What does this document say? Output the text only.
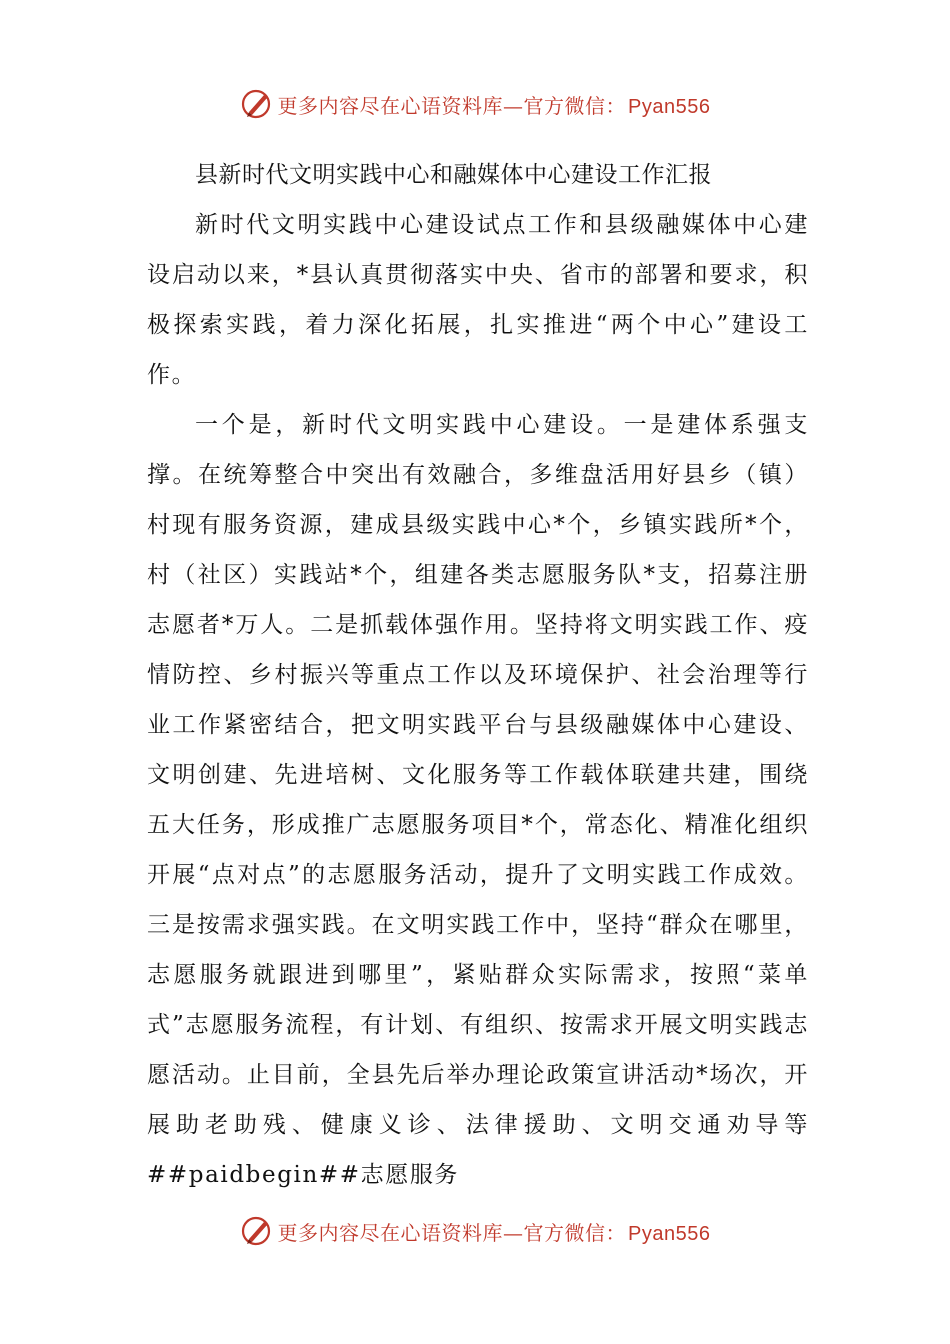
更多内容尽在心语资料库—官方微信： Pyan556
县新时代文明实践中心和融媒体中心建设工作汇报

新时代文明实践中心建设试点工作和县级融媒体中心建设启动以来，*县认真贯彻落实中央、省市的部署和要求，积极探索实践，着力深化拓展，扎实推进“两个中心”建设工作。

一个是，新时代文明实践中心建设。一是建体系强支撑。在统筹整合中突出有效融合，多维盘活用好县乡（镇）村现有服务资源，建成县级实践中心*个，乡镇实践所*个，村（社区）实践站*个，组建各类志愿服务队*支，招募注册志愿者*万人。二是抓载体强作用。坚持将文明实践工作、疫情防控、乡村振兴等重点工作以及环境保护、社会治理等行业工作紧密结合，把文明实践平台与县级融媒体中心建设、文明创建、先进培树、文化服务等工作载体联建共建，围绕五大任务，形成推广志愿服务项目*个，常态化、精准化组织开展“点对点”的志愿服务活动，提升了文明实践工作成效。三是按需求强实践。在文明实践工作中，坚持“群众在哪里，志愿服务就跟进到哪里”，紧贴群众实际需求，按照“菜单式”志愿服务流程，有计划、有组织、按需求开展文明实践志愿活动。止目前，全县先后举办理论政策宣讲活动*场次，开展助老助残、健康义诊、法律援助、文明交通劝导等##paidbegin##志愿服务

更多内容尽在心语资料库—官方微信： Pyan556
